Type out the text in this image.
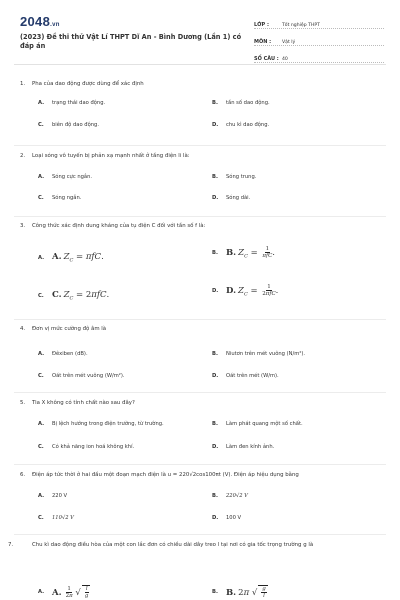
2048.vn
(2023) Đề thi thử Vật Lí THPT Dĩ An - Bình Dương (Lần 1) có đáp án
LỚP :	Tốt nghiệp THPT
MÔN :	Vật lý
SỐ CÂU : 40
1. Pha của dao động được dùng để xác định
A.	trạng thái dao động.	B.	tần số dao động.
C.	biên độ dao động.	D.	chu kì dao động.
2. Loại sóng vô tuyến bị phản xạ mạnh nhất ở tầng điện li là:
A.	Sóng cực ngắn.	B.	Sóng trung.
C.	Sóng ngắn.	D.	Sóng dài.
3. Công thức xác định dung kháng của tụ điện C đối với tần số f là:
A. A. $Z_C = \pi fC$.	B. B. $Z_C = \frac{1}{\text{πfC}}$ .
C. C. $Z_C = 2\pi fC$.	D. D. $Z_C = \frac{1}{\text{2πfC}}$ .
4. Đơn vị mức cường độ âm là
A.	Đêxiben (dB).	B.	Niutơn trên mét vuông (N/m²).
C.	Oát trên mét vuông (W/m²).	D.	Oát trên mét (W/m).
5. Tia X không có tính chất nào sau đây?
A.	Bị lệch hướng trong điện trường, từ trường.	B.	Làm phát quang một số chất.
C.	Có khả năng ion hoá không khí.	D.	Làm đen kính ảnh.
6. Điện áp tức thời ở hai đầu một đoạn mạch điện là u = 220√2cos100πt (V). Điện áp hiệu dụng bằng
A.	220 V	B.	220√2 V
C.	110√2 V	D.	100 V
7.	Chu kì dao động điều hòa của một con lắc đơn có chiều dài dây treo l tại nơi có gia tốc trọng trường g là
A. A. $\frac{1}{2\pi}$ √ $\frac{l}{g}$	B. B. 2π √ $\frac{g}{l}$
